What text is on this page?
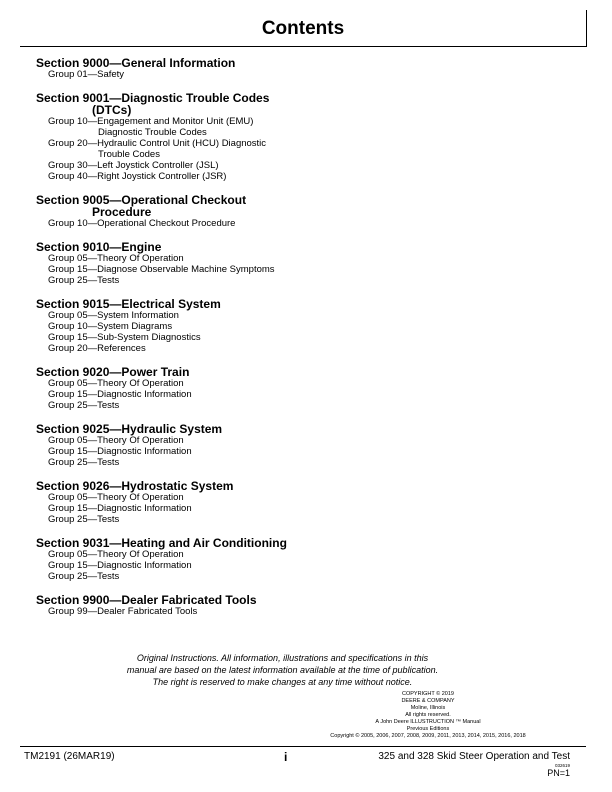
Contents
Section 9000—General Information
Group 01—Safety
Section 9001—Diagnostic Trouble Codes
(DTCs)
Group 10—Engagement and Monitor Unit (EMU)
Diagnostic Trouble Codes
Group 20—Hydraulic Control Unit (HCU) Diagnostic
Trouble Codes
Group 30—Left Joystick Controller (JSL)
Group 40—Right Joystick Controller (JSR)
Section 9005—Operational Checkout
Procedure
Group 10—Operational Checkout Procedure
Section 9010—Engine
Group 05—Theory Of Operation
Group 15—Diagnose Observable Machine Symptoms
Group 25—Tests
Section 9015—Electrical System
Group 05—System Information
Group 10—System Diagrams
Group 15—Sub-System Diagnostics
Group 20—References
Section 9020—Power Train
Group 05—Theory Of Operation
Group 15—Diagnostic Information
Group 25—Tests
Section 9025—Hydraulic System
Group 05—Theory Of Operation
Group 15—Diagnostic Information
Group 25—Tests
Section 9026—Hydrostatic System
Group 05—Theory Of Operation
Group 15—Diagnostic Information
Group 25—Tests
Section 9031—Heating and Air Conditioning
Group 05—Theory Of Operation
Group 15—Diagnostic Information
Group 25—Tests
Section 9900—Dealer Fabricated Tools
Group 99—Dealer Fabricated Tools
Original Instructions. All information, illustrations and specifications in this
manual are based on the latest information available at the time of publication.
The right is reserved to make changes at any time without notice.
COPYRIGHT © 2019
DEERE & COMPANY
Moline, Illinois
All rights reserved.
A John Deere ILLUSTRUCTION ™ Manual
Previous Editions
Copyright © 2005, 2006, 2007, 2008, 2009, 2011, 2013, 2014, 2015, 2016, 2018
TM2191 (26MAR19)	i	325 and 328 Skid Steer Operation and Test
032619
PN=1
